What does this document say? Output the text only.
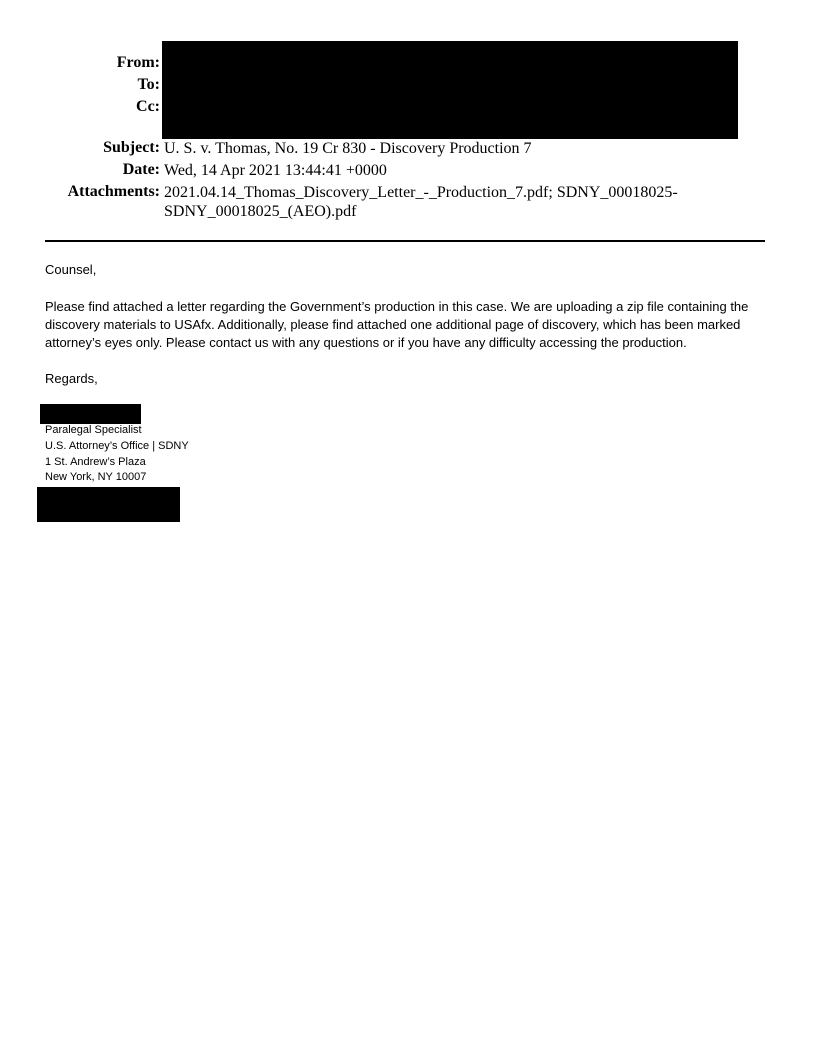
From:
To:
Cc:
Subject: U. S. v. Thomas, No. 19 Cr 830 - Discovery Production 7
Date: Wed, 14 Apr 2021 13:44:41 +0000
Attachments: 2021.04.14_Thomas_Discovery_Letter_-_Production_7.pdf; SDNY_00018025-
SDNY_00018025_(AEO).pdf
Counsel,
Please find attached a letter regarding the Government’s production in this case. We are uploading a zip file containing the discovery materials to USAfx. Additionally, please find attached one additional page of discovery, which has been marked attorney’s eyes only. Please contact us with any questions or if you have any difficulty accessing the production.
Regards,
Paralegal Specialist
U.S. Attorney’s Office | SDNY
1 St. Andrew’s Plaza
New York, NY 10007
